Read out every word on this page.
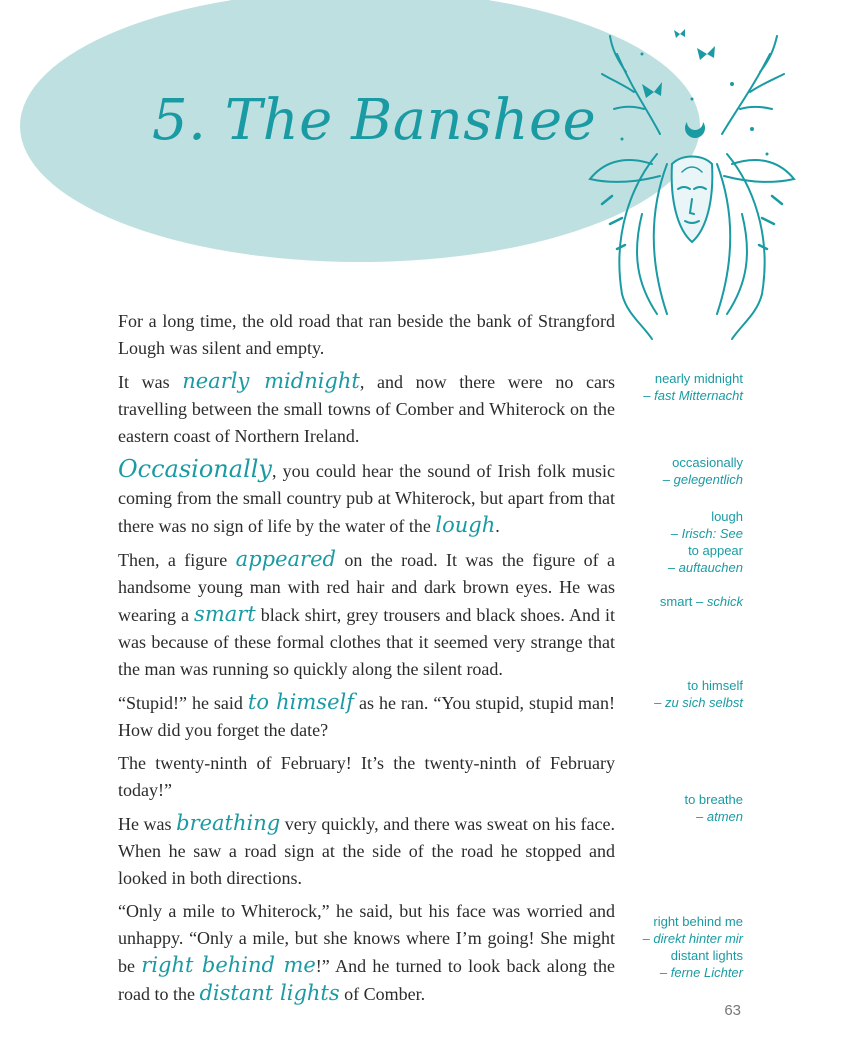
5. The Banshee

For a long time, the old road that ran beside the bank of Strangford Lough was silent and empty.

It was nearly midnight, and now there were no cars travelling between the small towns of Comber and Whiterock on the eastern coast of Northern Ireland.

Occasionally, you could hear the sound of Irish folk music coming from the small country pub at Whiterock, but apart from that there was no sign of life by the water of the lough.

Then, a figure appeared on the road. It was the figure of a handsome young man with red hair and dark brown eyes. He was wearing a smart black shirt, grey trousers and black shoes. And it was because of these formal clothes that it seemed very strange that the man was running so quickly along the silent road.

“Stupid!” he said to himself as he ran. “You stupid, stupid man! How did you forget the date?

The twenty-ninth of February! It’s the twenty-ninth of February today!”

He was breathing very quickly, and there was sweat on his face. When he saw a road sign at the side of the road he stopped and looked in both directions.

“Only a mile to Whiterock,” he said, but his face was worried and unhappy. “Only a mile, but she knows where I’m going! She might be right behind me!” And he turned to look back along the road to the distant lights of Comber.

nearly midnight
– fast Mitternacht
occasionally
– gelegentlich
lough
– Irisch: See
to appear
– auftauchen
smart – schick
to himself
– zu sich selbst
to breathe
– atmen
right behind me
– direkt hinter mir
distant lights
– ferne Lichter
63
